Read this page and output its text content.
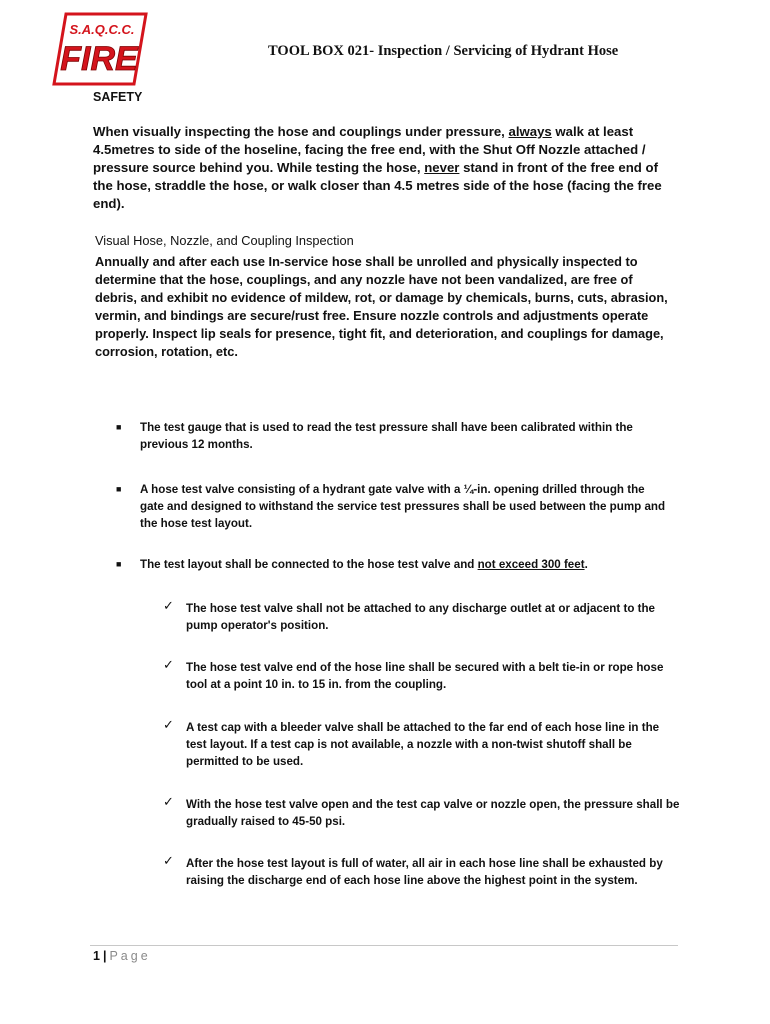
S.A.Q.C.C.
FIRE	TOOL BOX 021- Inspection / Servicing of Hydrant Hose
SAFETY
When visually inspecting the hose and couplings under pressure, always walk at least 4.5metres to side of the hoseline, facing the free end, with the Shut Off Nozzle attached / pressure source behind you. While testing the hose, never stand in front of the free end of the hose, straddle the hose, or walk closer than 4.5 metres side of the hose (facing the free end).
Visual Hose, Nozzle, and Coupling Inspection
Annually and after each use In-service hose shall be unrolled and physically inspected to determine that the hose, couplings, and any nozzle have not been vandalized, are free of debris, and exhibit no evidence of mildew, rot, or damage by chemicals, burns, cuts, abrasion, vermin, and bindings are secure/rust free. Ensure nozzle controls and adjustments operate properly. Inspect lip seals for presence, tight fit, and deterioration, and couplings for damage, corrosion, rotation, etc.
■ The test gauge that is used to read the test pressure shall have been calibrated within the previous 12 months.
■ A hose test valve consisting of a hydrant gate valve with a ¼-in. opening drilled through the gate and designed to withstand the service test pressures shall be used between the pump and the hose test layout.
■ The test layout shall be connected to the hose test valve and not exceed 300 feet.
✓ The hose test valve shall not be attached to any discharge outlet at or adjacent to the pump operator's position.
✓ The hose test valve end of the hose line shall be secured with a belt tie-in or rope hose tool at a point 10 in. to 15 in. from the coupling.
✓ A test cap with a bleeder valve shall be attached to the far end of each hose line in the test layout. If a test cap is not available, a nozzle with a non-twist shutoff shall be permitted to be used.
✓ With the hose test valve open and the test cap valve or nozzle open, the pressure shall be gradually raised to 45-50 psi.
✓ After the hose test layout is full of water, all air in each hose line shall be exhausted by raising the discharge end of each hose line above the highest point in the system.
1 | Page
